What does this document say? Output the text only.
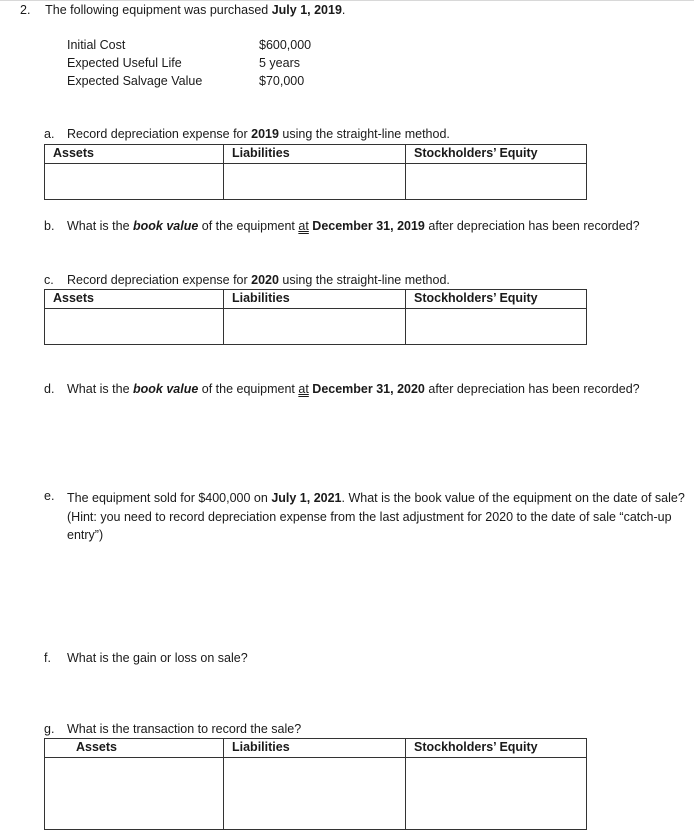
2. The following equipment was purchased July 1, 2019.
Initial Cost	$600,000
Expected Useful Life	5 years
Expected Salvage Value	$70,000
a. Record depreciation expense for 2019 using the straight-line method.
Assets	Liabilities	Stockholders’ Equity
b. What is the book value of the equipment at December 31, 2019 after depreciation has been recorded?
c. Record depreciation expense for 2020 using the straight-line method.
Assets	Liabilities	Stockholders’ Equity
d. What is the book value of the equipment at December 31, 2020 after depreciation has been recorded?
e. The equipment sold for $400,000 on July 1, 2021. What is the book value of the equipment on the date of sale? (Hint: you need to record depreciation expense from the last adjustment for 2020 to the date of sale “catch-up entry”)
f. What is the gain or loss on sale?
g. What is the transaction to record the sale?
Assets	Liabilities	Stockholders’ Equity
